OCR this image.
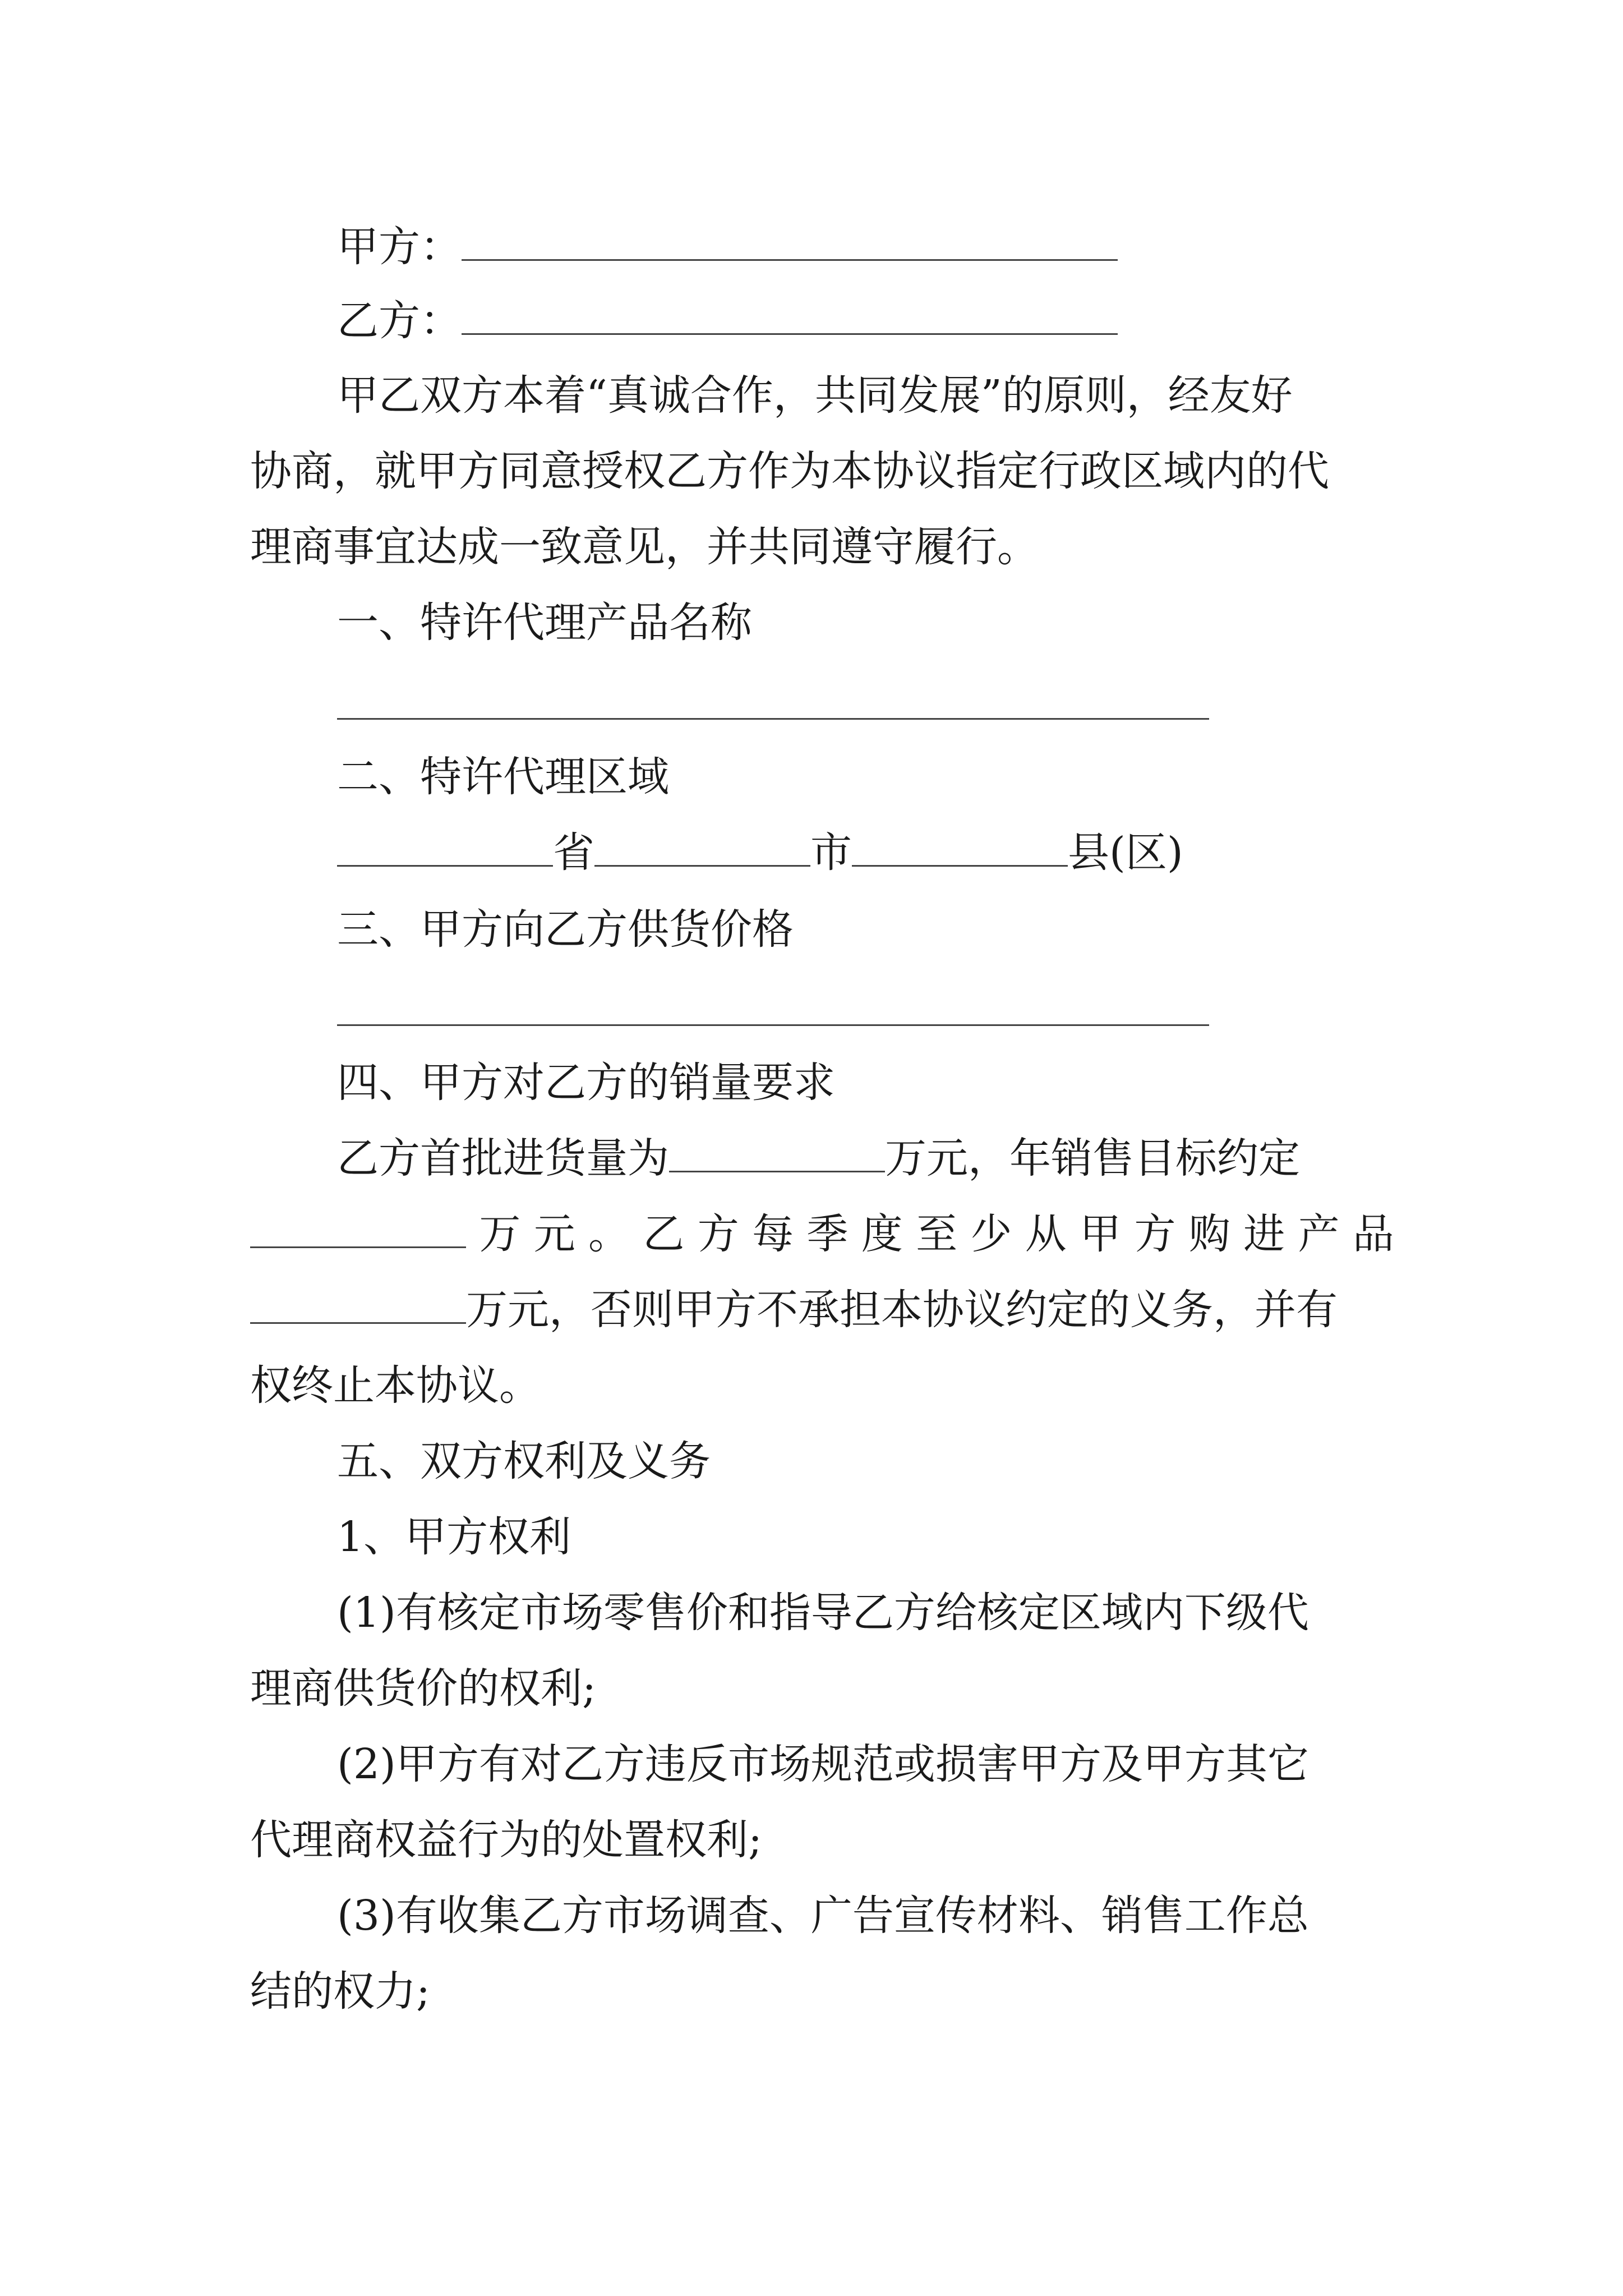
甲方：
乙方：
甲乙双方本着“真诚合作，共同发展”的原则，经友好
协商，就甲方同意授权乙方作为本协议指定行政区域内的代
理商事宜达成一致意见，并共同遵守履行。
一、特许代理产品名称
二、特许代理区域
省	市	县(区)
三、甲方向乙方供货价格
四、甲方对乙方的销量要求
乙方首批进货量为	万元，年销售目标约定
万 元 。 乙 方 每 季 度 至 少 从 甲 方 购 进 产 品
万元，否则甲方不承担本协议约定的义务，并有
权终止本协议。
五、双方权利及义务
1、甲方权利
(1)有核定市场零售价和指导乙方给核定区域内下级代
理商供货价的权利;
(2)甲方有对乙方违反市场规范或损害甲方及甲方其它
代理商权益行为的处置权利;
(3)有收集乙方市场调查、广告宣传材料、销售工作总
结的权力;
